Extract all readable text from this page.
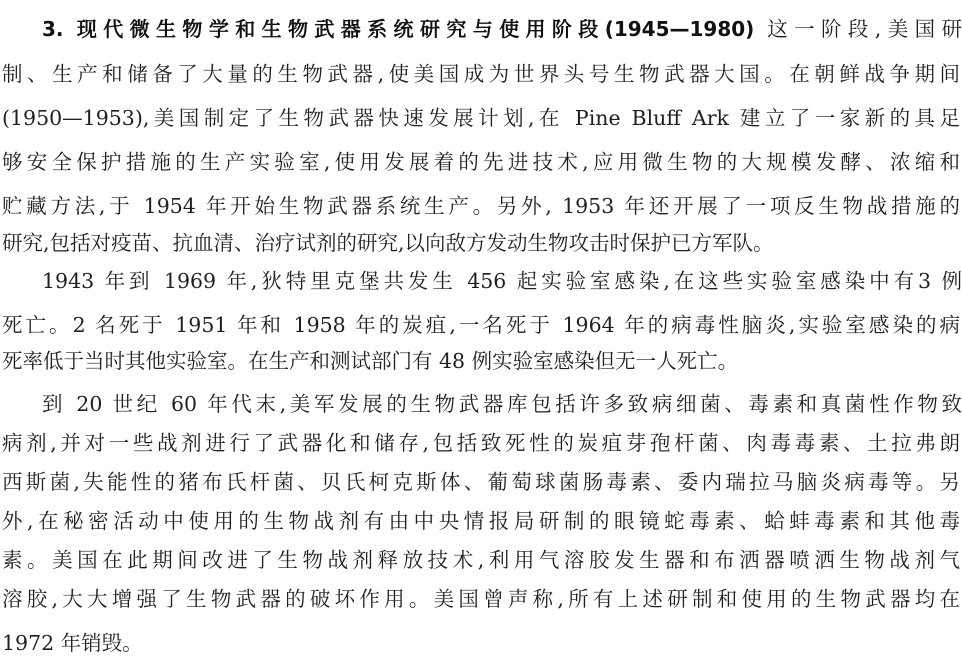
3. 现代微生物学和生物武器系统研究与使用阶段(1945—1980) 这一阶段,美国研
制、生产和储备了大量的生物武器,使美国成为世界头号生物武器大国。在朝鲜战争期间
(1950—1953),美国制定了生物武器快速发展计划,在 Pine Bluff Ark 建立了一家新的具足
够安全保护措施的生产实验室,使用发展着的先进技术,应用微生物的大规模发酵、浓缩和
贮藏方法,于 1954 年开始生物武器系统生产。另外, 1953 年还开展了一项反生物战措施的
研究,包括对疫苗、抗血清、治疗试剂的研究,以向敌方发动生物攻击时保护已方军队。
1943 年到 1969 年,狄特里克堡共发生 456 起实验室感染,在这些实验室感染中有3 例
死亡。2 名死于 1951 年和 1958 年的炭疽,一名死于 1964 年的病毒性脑炎,实验室感染的病
死率低于当时其他实验室。在生产和测试部门有 48 例实验室感染但无一人死亡。
到 20 世纪 60 年代末,美军发展的生物武器库包括许多致病细菌、毒素和真菌性作物致
病剂,并对一些战剂进行了武器化和储存,包括致死性的炭疽芽孢杆菌、肉毒毒素、土拉弗朗
西斯菌,失能性的猪布氏杆菌、贝氏柯克斯体、葡萄球菌肠毒素、委内瑞拉马脑炎病毒等。另
外,在秘密活动中使用的生物战剂有由中央情报局研制的眼镜蛇毒素、蛤蚌毒素和其他毒
素。美国在此期间改进了生物战剂释放技术,利用气溶胶发生器和布洒器喷洒生物战剂气
溶胶,大大增强了生物武器的破坏作用。美国曾声称,所有上述研制和使用的生物武器均在
1972 年销毁。
